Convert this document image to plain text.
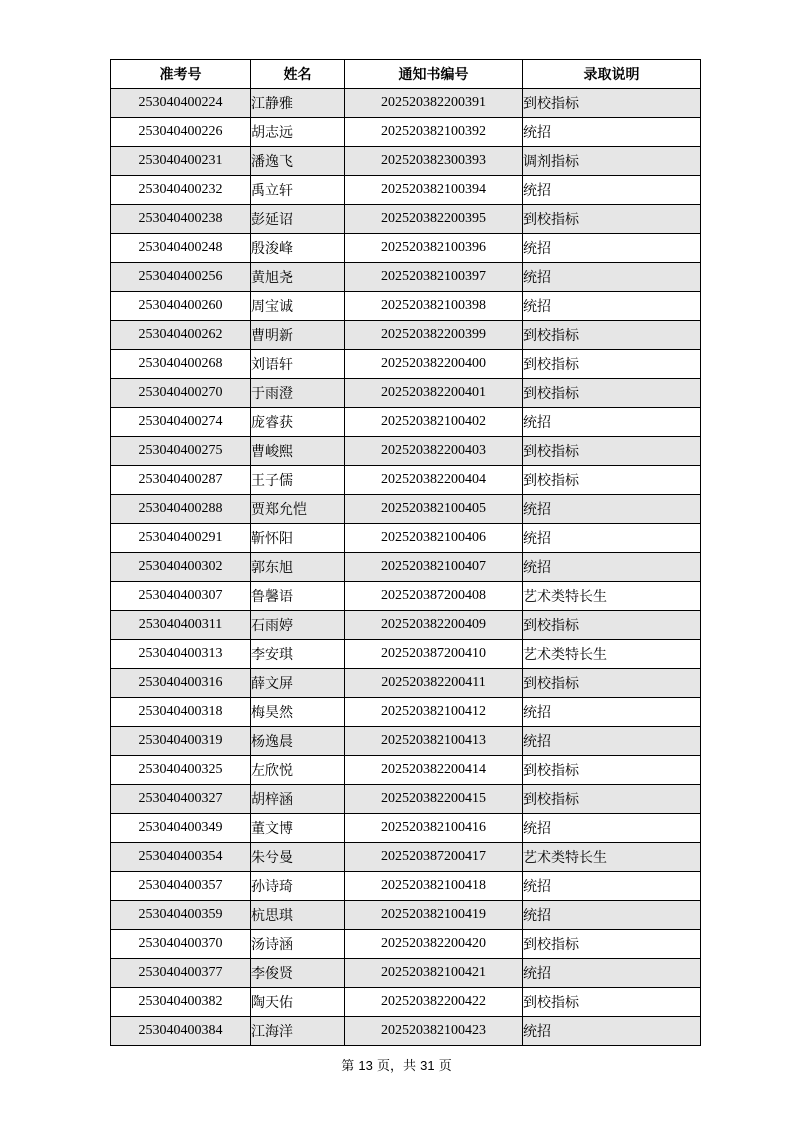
准考号	姓名	通知书编号	录取说明
253040400224	江静雅	202520382200391	到校指标
253040400226	胡志远	202520382100392	统招
253040400231	潘逸飞	202520382300393	调剂指标
253040400232	禹立轩	202520382100394	统招
253040400238	彭延诏	202520382200395	到校指标
253040400248	殷浚峰	202520382100396	统招
253040400256	黄旭尧	202520382100397	统招
253040400260	周宝诚	202520382100398	统招
253040400262	曹明新	202520382200399	到校指标
253040400268	刘语轩	202520382200400	到校指标
253040400270	于雨澄	202520382200401	到校指标
253040400274	庞睿获	202520382100402	统招
253040400275	曹峻熙	202520382200403	到校指标
253040400287	王子儒	202520382200404	到校指标
253040400288	贾郑允恺	202520382100405	统招
253040400291	靳怀阳	202520382100406	统招
253040400302	郭东旭	202520382100407	统招
253040400307	鲁馨语	202520387200408	艺术类特长生
253040400311	石雨婷	202520382200409	到校指标
253040400313	李安琪	202520387200410	艺术类特长生
253040400316	薛文屏	202520382200411	到校指标
253040400318	梅昊然	202520382100412	统招
253040400319	杨逸晨	202520382100413	统招
253040400325	左欣悦	202520382200414	到校指标
253040400327	胡梓涵	202520382200415	到校指标
253040400349	董文博	202520382100416	统招
253040400354	朱兮曼	202520387200417	艺术类特长生
253040400357	孙诗琦	202520382100418	统招
253040400359	杭思琪	202520382100419	统招
253040400370	汤诗涵	202520382200420	到校指标
253040400377	李俊贤	202520382100421	统招
253040400382	陶天佑	202520382200422	到校指标
253040400384	江海洋	202520382100423	统招
第 13 页，共 31 页
